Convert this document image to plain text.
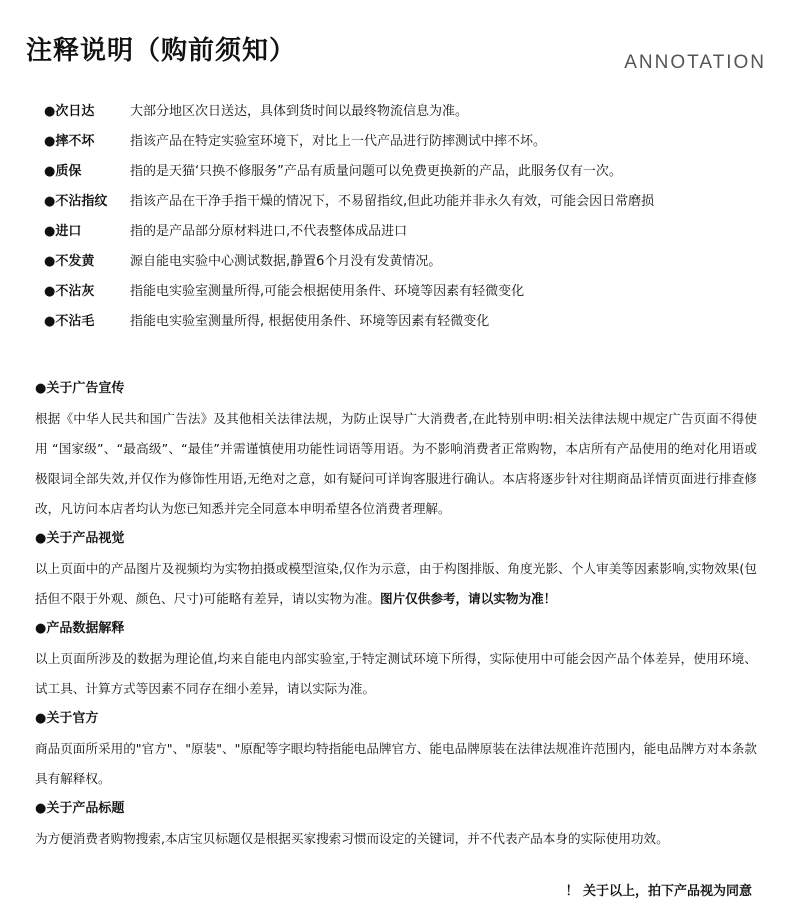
注释说明（购前须知）	ANNOTATION
●次日达	大部分地区次日送达，具体到货时间以最终物流信息为准。
●摔不坏	指该产品在特定实验室环境下，对比上一代产品进行防摔测试中摔不坏。
●质保	指的是天猫‘只换不修服务”产品有质量问题可以免费更换新的产品，此服务仅有一次。
●不沾指纹	指该产品在干净手指干燥的情况下，不易留指纹,但此功能并非永久有效，可能会因日常磨损
●进口	指的是产品部分原材料进口,不代表整体成品进口
●不发黄	源自能电实验中心测试数据,静置6个月没有发黄情况。
●不沾灰	指能电实验室测量所得,可能会根据使用条件、环境等因素有轻微变化
●不沾毛	指能电实验室测量所得, 根据使用条件、环境等因素有轻微变化
●关于广告宣传
根据《中华人民共和国广告法》及其他相关法律法规，为防止误导广大消费者,在此特别申明:相关法律法规中规定广告页面不得使用 “国家级”、“最高级”、“最佳”并需谨慎使用功能性词语等用语。为不影响消费者正常购物，本店所有产品使用的绝对化用语或极限词全部失效,并仅作为修饰性用语,无绝对之意，如有疑问可详询客服进行确认。本店将逐步针对往期商品详情页面进行排查修改，凡访问本店者均认为您已知悉并完全同意本申明希望各位消费者理解。
●关于产品视觉
以上页面中的产品图片及视频均为实物拍摄或模型渲染,仅作为示意，由于构图排版、角度光影、个人审美等因素影响,实物效果(包括但不限于外观、颜色、尺寸)可能略有差异，请以实物为准。图片仅供参考，请以实物为准！
●产品数据解释
以上页面所涉及的数据为理论值,均来自能电内部实验室,于特定测试环境下所得，实际使用中可能会因产品个体差异，使用环境、试工具、计算方式等因素不同存在细小差异，请以实际为准。
●关于官方
商品页面所采用的"官方"、"原装"、"原配等字眼均特指能电品牌官方、能电品牌原装在法律法规准许范围内，能电品牌方对本条款具有解释权。
●关于产品标题
为方便消费者购物搜索,本店宝贝标题仅是根据买家搜索习惯而设定的关键词，并不代表产品本身的实际使用功效。
！ 关于以上，拍下产品视为同意
